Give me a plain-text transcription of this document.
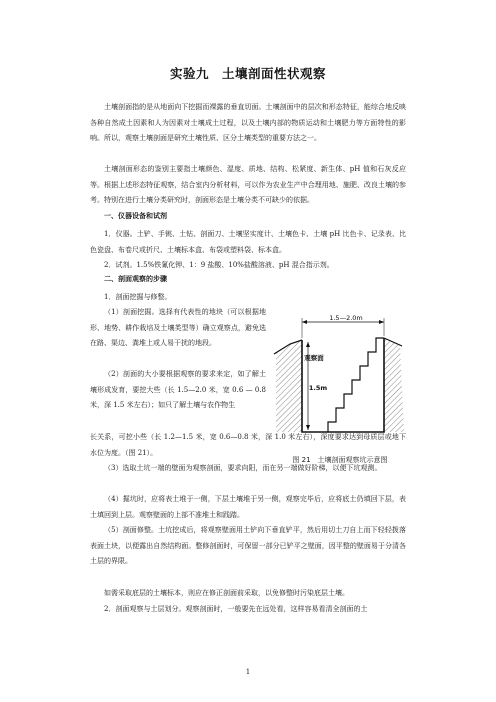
实验九　土壤剖面性状观察

土壤剖面指的是从地面向下挖掘而裸露的垂直切面。土壤剖面中的层次和形态特征，能综合地反映各种自然成土因素和人为因素对土壤成土过程，以及土壤内部的物质运动和土壤肥力等方面特性的影响。所以，观察土壤剖面是研究土壤性质、区分土壤类型的重要方法之一。

土壤剖面形态的鉴别主要指土壤颜色、湿度、质地、结构、松紧度、新生体、pH 值和石灰反应等。根据上述形态特征观察，结合室内分析材料，可以作为农业生产中合理用地、施肥、改良土壤的参考。特别在进行土壤分类研究时，剖面形态是土壤分类不可缺少的依据。

一、仪器设备和试剂

1．仪器。土铲、手铫、土钻、剖面刀、土壤坚实度计、土壤色卡、土壤 pH 比色卡、记录表、比色瓷盘、布卷尺或折尺、土壤标本盒、布袋或塑料袋、标本盒。

2．试剂。1.5%铁氰化钾、1：9 盐酸、10%盐酸溶液、pH 混合指示剂。

二、剖面观察的步骤

1．剖面挖掘与修整。

（1）剖面挖掘。选择有代表性的地块（可以根据地形、地势、耕作栽培及土壤类型等）确立观察点，避免选在路、渠边、粪堆上或人易干扰的地段。

（2）剖面的大小要根据观察的要求来定，如了解土壤形成发育，要挖大些（长 1.5—2.0 米，宽 0.6 — 0.8 米，深 1.5 米左右）；如只了解土壤与农作物生

长关系，可挖小些（长 1.2—1.5 米，宽 0.6—0.8 米，深 1.0 米左右），深度要求达到母质层或地下水位为度。（图 21）。

（3）选取土坑一端的壁面为观察剖面，要求向阳，而在另一端做好阶梯，以便下坑观测。

（4）掘坑时，应将表土堆于一侧，下层土壤堆于另一侧，观察完毕后，应将底土仍填回下层，表土填回到上层。观察壁面的上部不准堆土和践踏。

（5）剖面修整。土坑挖成后，将观察壁面用土铲向下垂直铲平，然后用切土刀自上而下轻轻拨落表面土块，以便露出自然结构面。整修剖面时，可保留一部分已铲平之壁面，因平整的壁面易于分清各土层的界限。

如需采取底层的土壤标本，则应在修正剖面前采取，以免修整时污染底层土壤。

2．剖面观察与土层划分。观察剖面时，一般要先在远处看，这样容易看清全剖面的土

1.5—2.0m
观察面
1.5m
图 21　土壤剖面观察坑示意图
1
